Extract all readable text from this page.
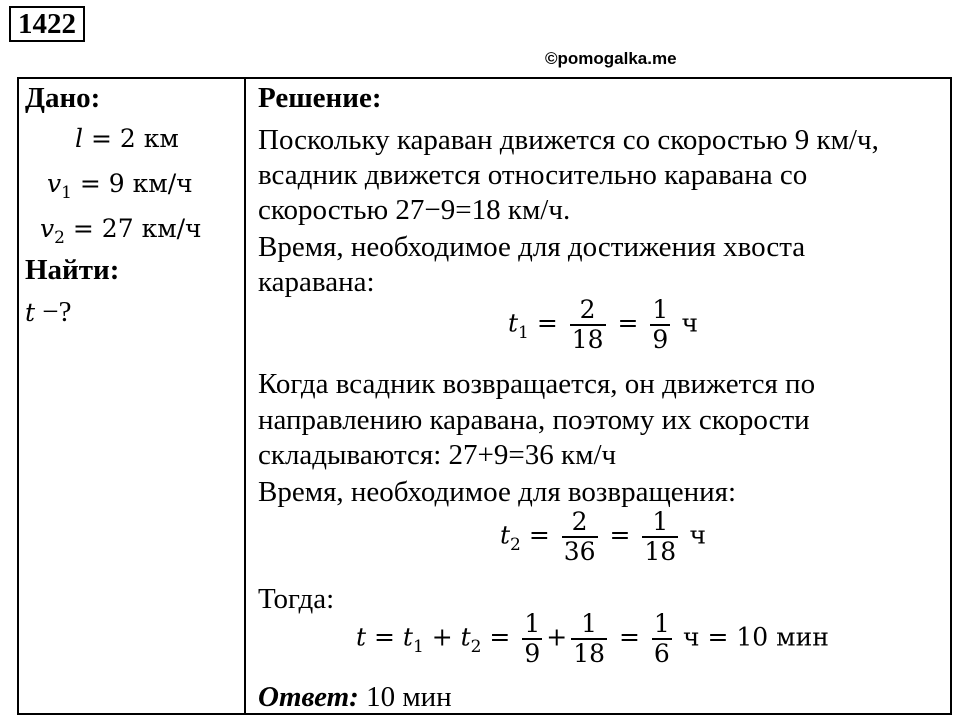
1422
©pomogalka.me
Дано:
l = 2 км
$v_1 = 9$ км/ч
$v_2 = 27$ км/ч
Найти:
t −?
Решение:
Поскольку караван движется со скоростью 9 км/ч,
всадник движется относительно каравана со
скоростью 27−9=18 км/ч.
Время, необходимое для достижения хвоста
каравана:
$t_1 = \frac{2}{18} = \frac{1}{9}$ ч
Когда всадник возвращается, он движется по
направлению каравана, поэтому их скорости
складываются: 27+9=36 км/ч
Время, необходимое для возвращения:
$t_2 = \frac{2}{36} = \frac{1}{18}$ ч
Тогда:
$t = t_1 + t_2 = \frac{1}{9} + \frac{1}{18} = \frac{1}{6}$ ч = 10 мин
Ответ: 10 мин
